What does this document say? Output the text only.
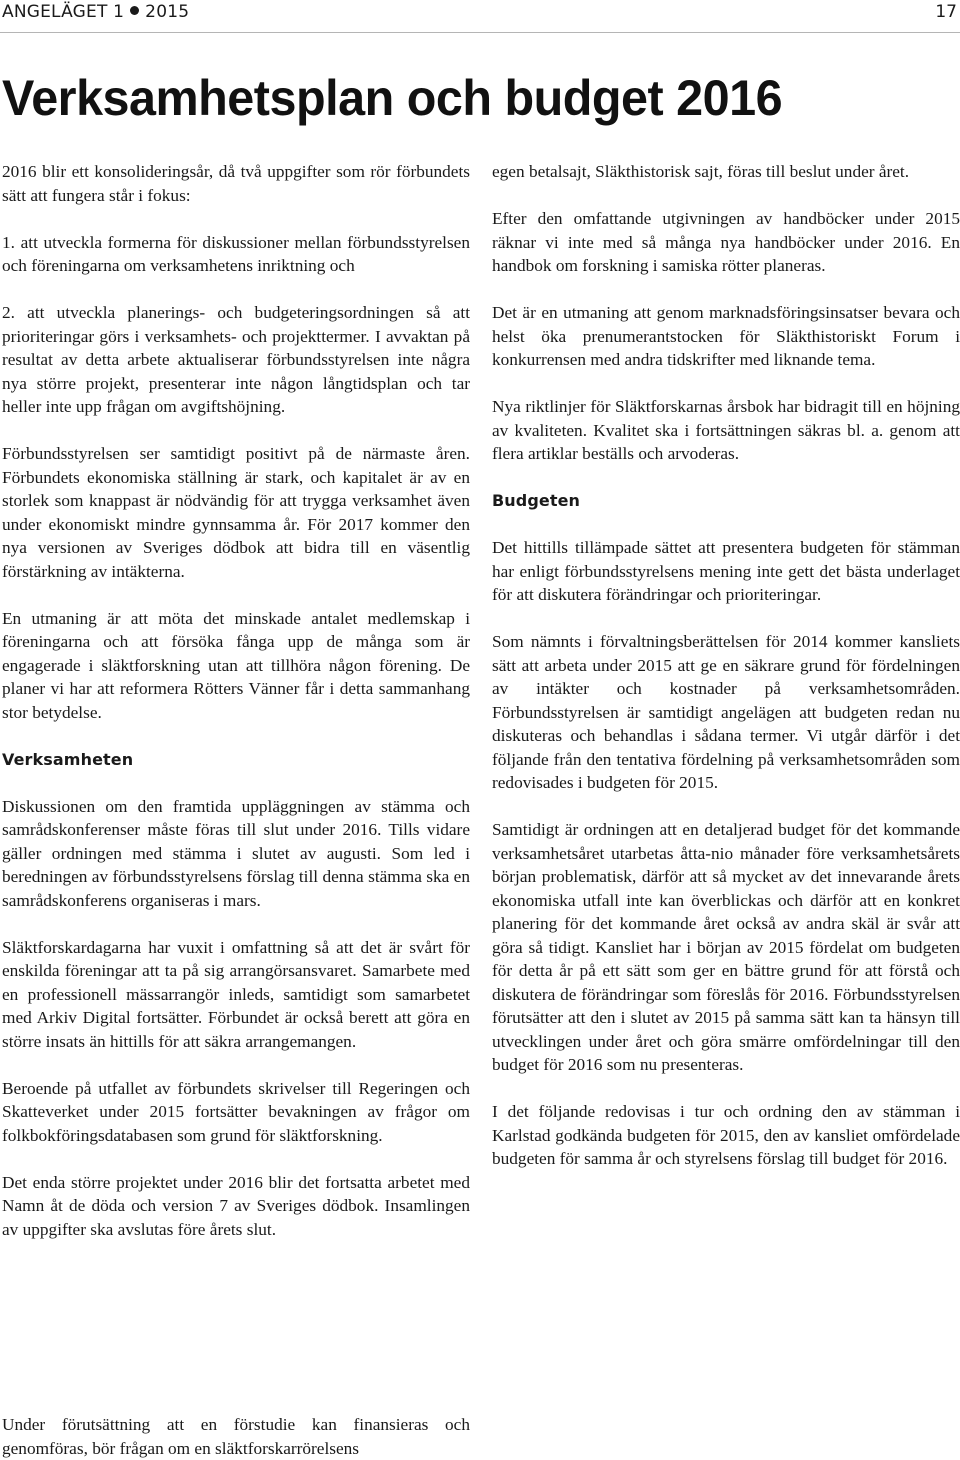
ANGELÄGET 1 2015	17
Verksamhetsplan och budget 2016

2016 blir ett konsolideringsår, då två uppgifter som rör förbundets sätt att fungera står i fokus:

1. att utveckla formerna för diskussioner mellan förbundsstyrelsen och föreningarna om verksamhetens inriktning och

2. att utveckla planerings- och budgeteringsordningen så att prioriteringar görs i verksamhets- och projekttermer. I avvaktan på resultat av detta arbete aktualiserar förbundsstyrelsen inte några nya större projekt, presenterar inte någon långtidsplan och tar heller inte upp frågan om avgiftshöjning.

Förbundsstyrelsen ser samtidigt positivt på de närmaste åren. Förbundets ekonomiska ställning är stark, och kapitalet är av en storlek som knappast är nödvändig för att trygga verksamhet även under ekonomiskt mindre gynnsamma år. För 2017 kommer den nya versionen av Sveriges dödbok att bidra till en väsentlig förstärkning av intäkterna.

En utmaning är att möta det minskade antalet medlemskap i föreningarna och att försöka fånga upp de många som är engagerade i släktforskning utan att tillhöra någon förening. De planer vi har att reformera Rötters Vänner får i detta sammanhang stor betydelse.

Verksamheten

Diskussionen om den framtida uppläggningen av stämma och samrådskonferenser måste föras till slut under 2016. Tills vidare gäller ordningen med stämma i slutet av augusti. Som led i beredningen av förbundsstyrelsens förslag till denna stämma ska en samrådskonferens organiseras i mars.

Släktforskardagarna har vuxit i omfattning så att det är svårt för enskilda föreningar att ta på sig arrangörsansvaret. Samarbete med en professionell mässarrangör inleds, samtidigt som samarbetet med Arkiv Digital fortsätter. Förbundet är också berett att göra en större insats än hittills för att säkra arrangemangen.

Beroende på utfallet av förbundets skrivelser till Regeringen och Skatteverket under 2015 fortsätter bevakningen av frågor om folkbokföringsdatabasen som grund för släktforskning.

Det enda större projektet under 2016 blir det fortsatta arbetet med Namn åt de döda och version 7 av Sveriges dödbok. Insamlingen av uppgifter ska avslutas före årets slut.

Under förutsättning att en förstudie kan finansieras och genomföras, bör frågan om en släktforskarrörelsens

egen betalsajt, Släkthistorisk sajt, föras till beslut under året.

Efter den omfattande utgivningen av handböcker under 2015 räknar vi inte med så många nya handböcker under 2016. En handbok om forskning i samiska rötter planeras.

Det är en utmaning att genom marknadsföringsinsatser bevara och helst öka prenumerantstocken för Släkthistoriskt Forum i konkurrensen med andra tidskrifter med liknande tema.

Nya riktlinjer för Släktforskarnas årsbok har bidragit till en höjning av kvaliteten. Kvalitet ska i fortsättningen säkras bl. a. genom att flera artiklar beställs och arvoderas.

Budgeten

Det hittills tillämpade sättet att presentera budgeten för stämman har enligt förbundsstyrelsens mening inte gett det bästa underlaget för att diskutera förändringar och prioriteringar.

Som nämnts i förvaltningsberättelsen för 2014 kommer kansliets sätt att arbeta under 2015 att ge en säkrare grund för fördelningen av intäkter och kostnader på verksamhetsområden. Förbundsstyrelsen är samtidigt angelägen att budgeten redan nu diskuteras och behandlas i sådana termer. Vi utgår därför i det följande från den tentativa fördelning på verksamhetsområden som redovisades i budgeten för 2015.

Samtidigt är ordningen att en detaljerad budget för det kommande verksamhetsåret utarbetas åtta-nio månader före verksamhetsårets början problematisk, därför att så mycket av det innevarande årets ekonomiska utfall inte kan överblickas och därför att en konkret planering för det kommande året också av andra skäl är svår att göra så tidigt. Kansliet har i början av 2015 fördelat om budgeten för detta år på ett sätt som ger en bättre grund för att förstå och diskutera de förändringar som föreslås för 2016. Förbundsstyrelsen förutsätter att den i slutet av 2015 på samma sätt kan ta hänsyn till utvecklingen under året och göra smärre omfördelningar till den budget för 2016 som nu presenteras.

I det följande redovisas i tur och ordning den av stämman i Karlstad godkända budgeten för 2015, den av kansliet omfördelade budgeten för samma år och styrelsens förslag till budget för 2016.
